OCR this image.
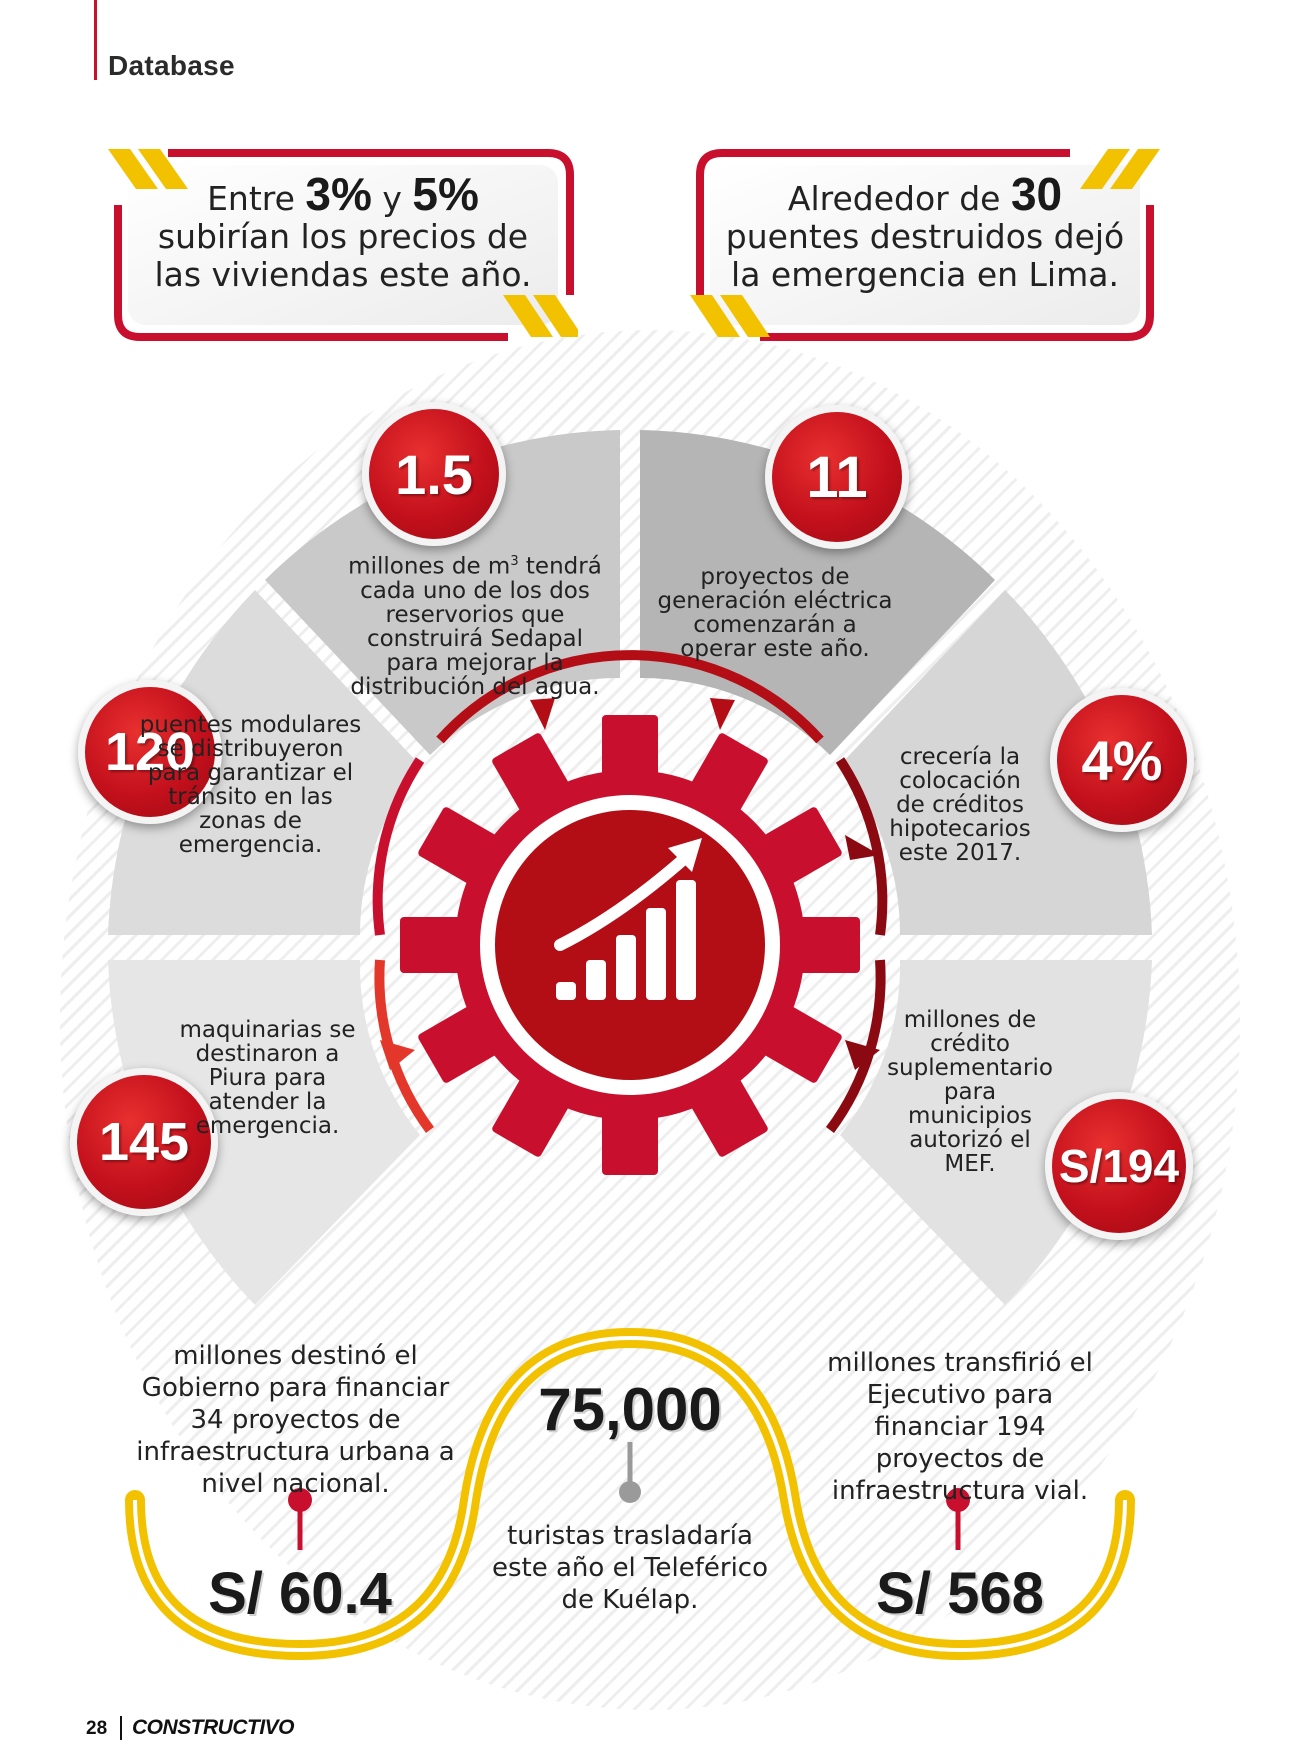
Database
Entre 3% y 5%
subirían los precios de
las viviendas este año.
Alrededor de 30
puentes destruidos dejó
la emergencia en Lima.
1.5
millones de $m^3$ tendrá cada uno de los dos reservorios que construirá Sedapal para mejorar la distribución del agua.
11
proyectos de generación eléctrica comenzarán a operar este año.
120
puentes modulares se distribuyeron para garantizar el tránsito en las zonas de emergencia.
4%
crecería la colocación de créditos hipotecarios este 2017.
145
maquinarias se destinaron a Piura para atender la emergencia.
S/194
millones de crédito suplementario para municipios autorizó el MEF.
millones destinó el Gobierno para financiar 34 proyectos de infraestructura urbana a nivel nacional.
S/ 60.4
75,000
turistas trasladaría este año el Teleférico de Kuélap.
millones transfirió el Ejecutivo para financiar 194 proyectos de infraestructura vial.
S/ 568
28 CONSTRUCTIVO
